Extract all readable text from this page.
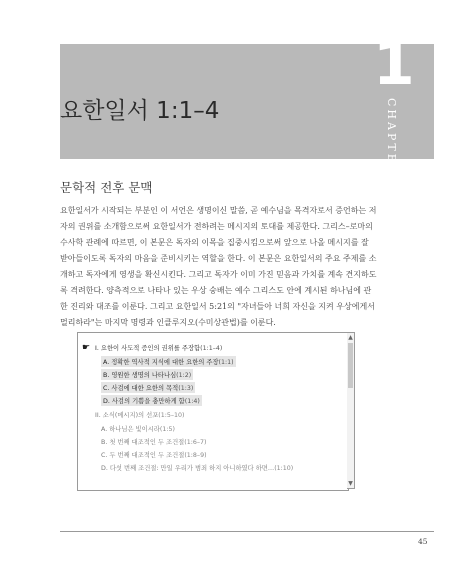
1
CHAPTER
요한일서 1:1–4
문학적 전후 문맥
요한일서가 시작되는 부분인 이 서언은 생명이신 말씀, 곧 예수님을 목격자로서 증언하는 저
자의 권위를 소개함으로써 요한일서가 전하려는 메시지의 토대를 제공한다. 그리스–로마의
수사학 관례에 따르면, 이 본문은 독자의 이목을 집중시킴으로써 앞으로 나올 메시지를 잘
받아들이도록 독자의 마음을 준비시키는 역할을 한다. 이 본문은 요한일서의 주요 주제를 소
개하고 독자에게 영생을 확신시킨다. 그리고 독자가 이미 가진 믿음과 가치를 계속 견지하도
록 격려한다. 양측적으로 나타나 있는 우상 숭배는 예수 그리스도 안에 계시된 하나님에 관
한 진리와 대조를 이룬다. 그리고 요한일서 5:21의 "자녀들아 너희 자신을 지켜 우상에게서
멀리하라"는 마지막 명령과 인클루지오(수미상관법)를 이룬다.
▲
▼
☛ I. 요한이 사도적 증인의 권위를 주장함(1:1–4)
A. 정확한 역사적 지식에 대한 요한의 주장(1:1)
B. 영원한 생명의 나타나심(1:2)
C. 사검에 대한 요한의 목적(1:3)
D. 사검의 기쁨을 충만하게 함(1:4)
II. 소식(메시지)의 선포(1:5–10)
A. 하나님은 빛이시라(1:5)
B. 첫 번째 대조적인 두 조건절(1:6–7)
C. 두 번째 대조적인 두 조건절(1:8–9)
D. 다섯 번째 조건절: 만일 우리가 범죄 하지 아니하였다 하면…(1:10)
45
